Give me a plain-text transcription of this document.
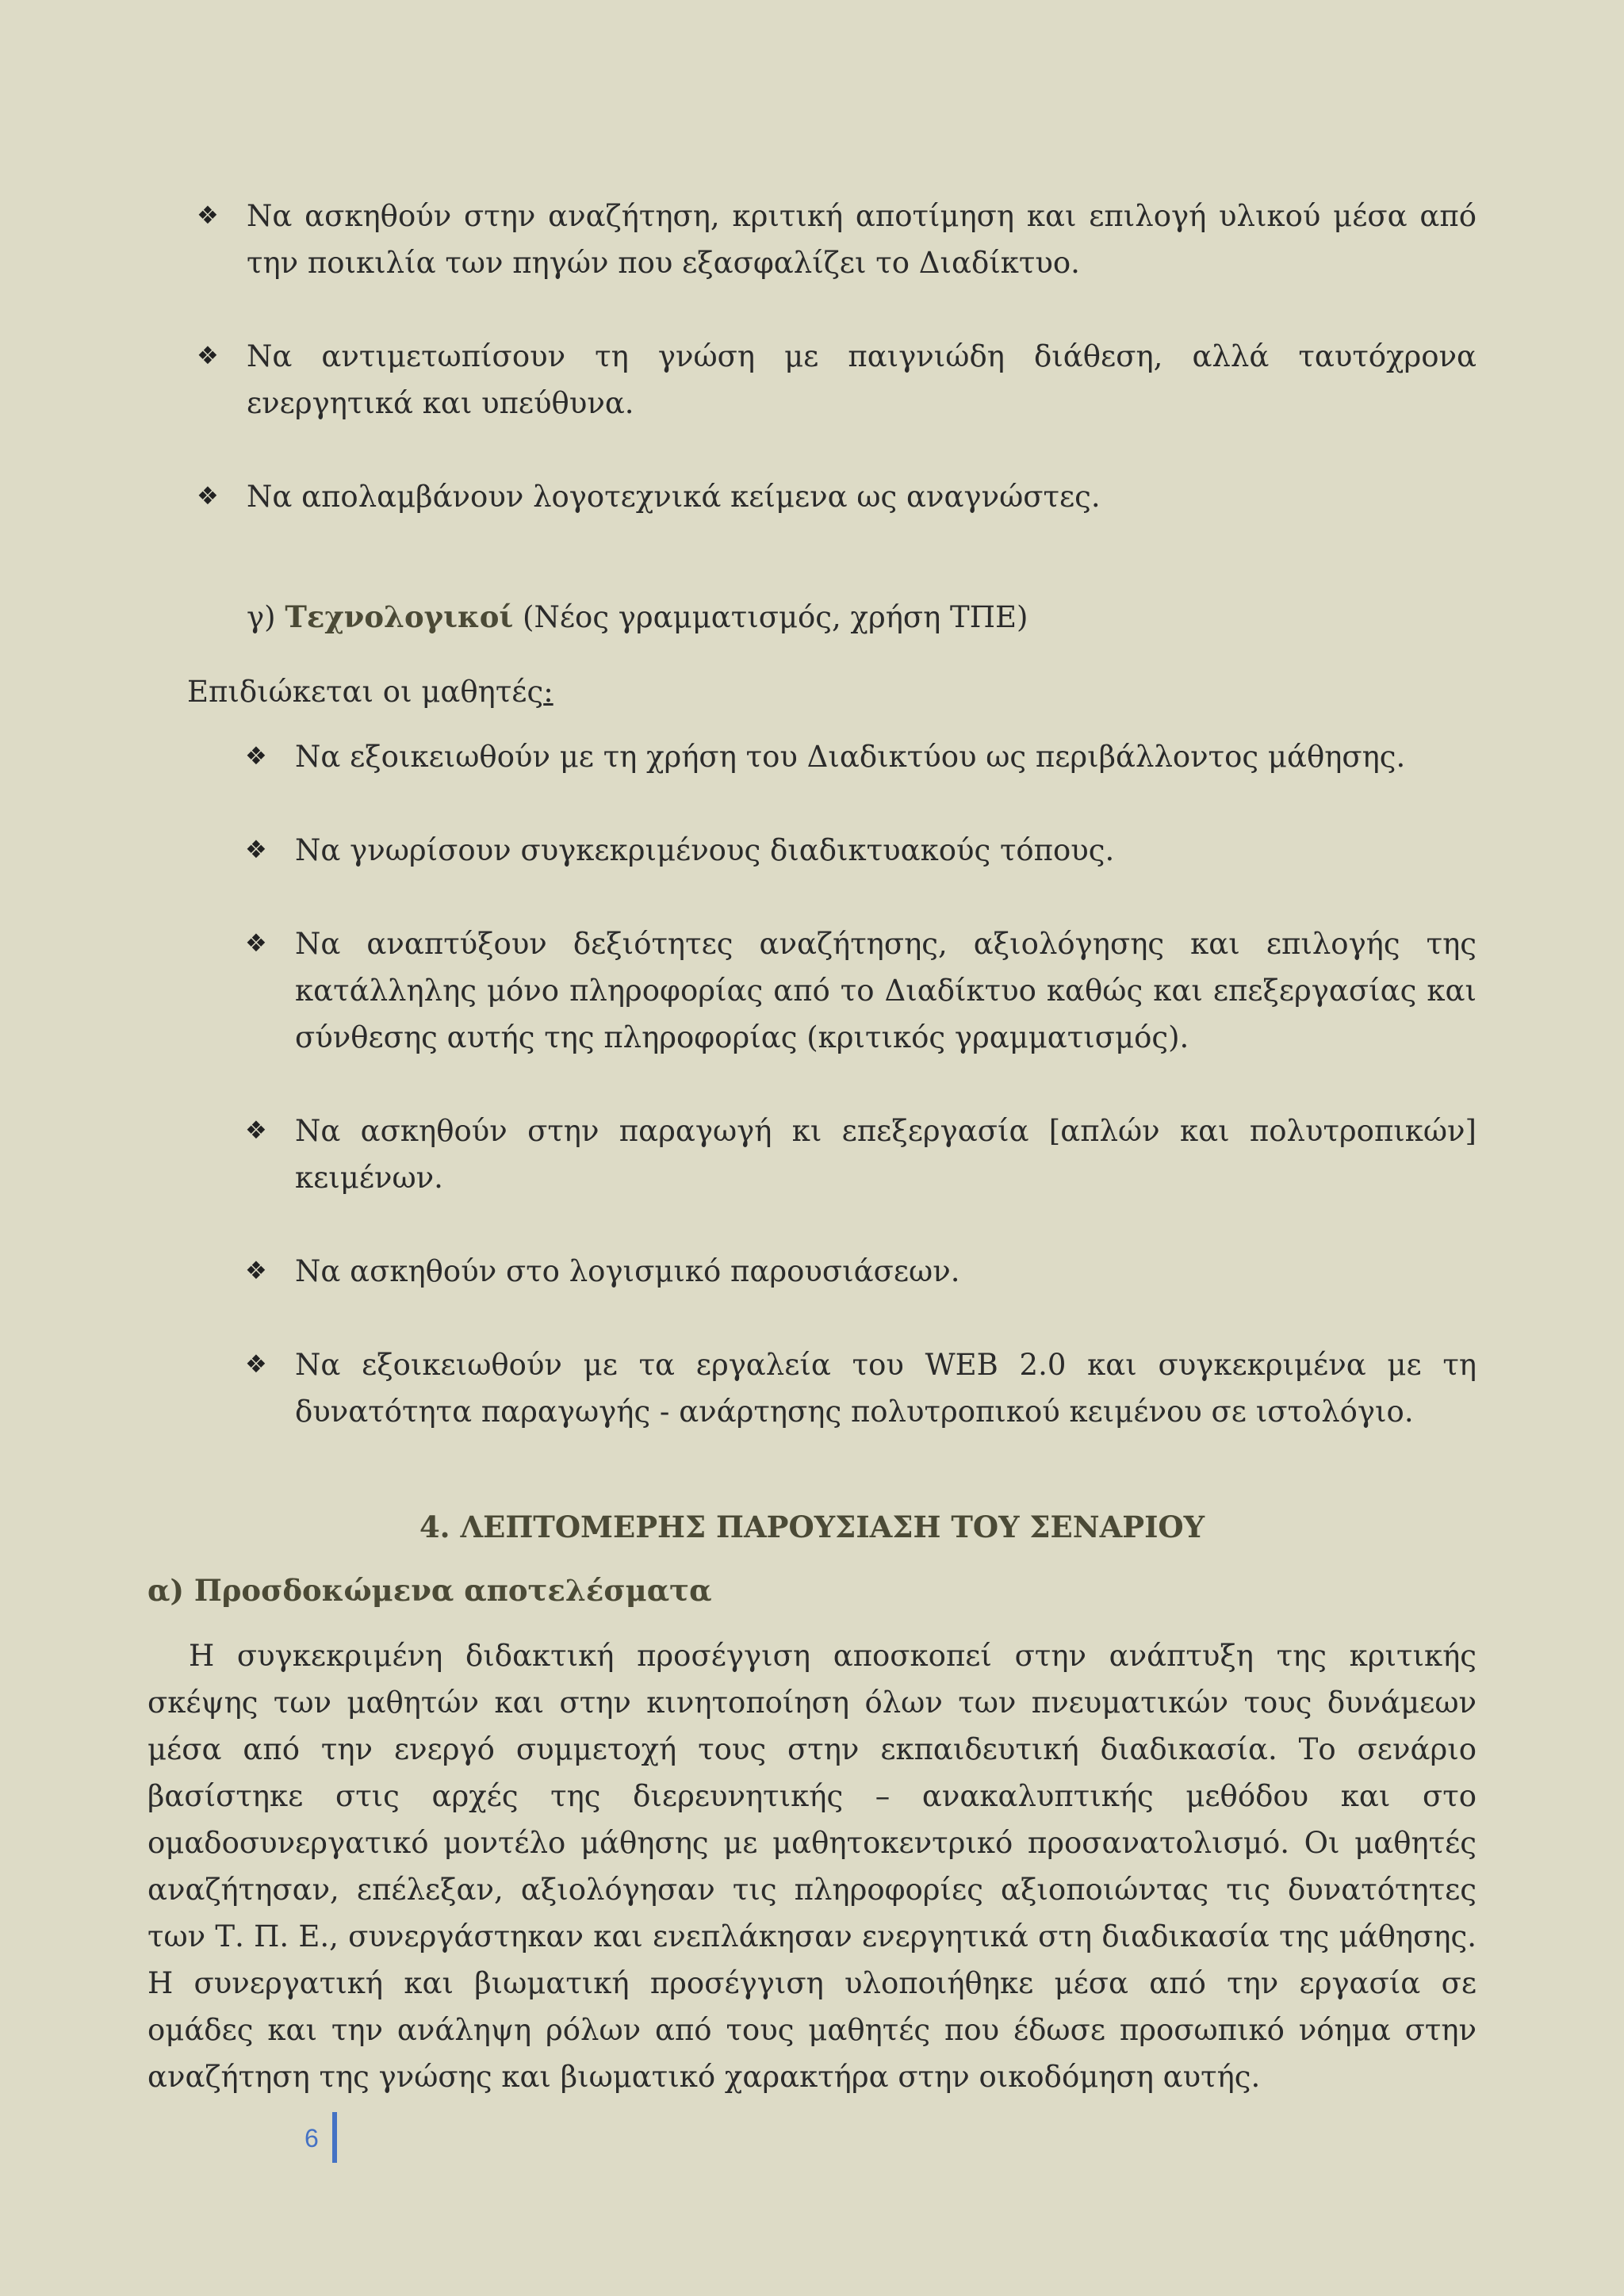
❖ Να ασκηθούν στην αναζήτηση, κριτική αποτίμηση και επιλογή υλικού μέσα από την ποικιλία των πηγών που εξασφαλίζει το Διαδίκτυο.
❖ Να αντιμετωπίσουν τη γνώση με παιγνιώδη διάθεση, αλλά ταυτόχρονα ενεργητικά και υπεύθυνα.
❖ Να απολαμβάνουν λογοτεχνικά κείμενα ως αναγνώστες.
γ) Τεχνολογικοί (Νέος γραμματισμός, χρήση ΤΠΕ)
Επιδιώκεται οι μαθητές:
❖ Να εξοικειωθούν με τη χρήση του Διαδικτύου ως περιβάλλοντος μάθησης.
❖ Να γνωρίσουν συγκεκριμένους διαδικτυακούς τόπους.
❖ Να αναπτύξουν δεξιότητες αναζήτησης, αξιολόγησης και επιλογής της κατάλληλης μόνο πληροφορίας από το Διαδίκτυο καθώς και επεξεργασίας και σύνθεσης αυτής της πληροφορίας (κριτικός γραμματισμός).
❖ Να ασκηθούν στην παραγωγή κι επεξεργασία [απλών και πολυτροπικών] κειμένων.
❖ Να ασκηθούν στο λογισμικό παρουσιάσεων.
❖ Να εξοικειωθούν με τα εργαλεία του WEB 2.0 και συγκεκριμένα με τη δυνατότητα παραγωγής - ανάρτησης πολυτροπικού κειμένου σε ιστολόγιο.
4. ΛΕΠΤΟΜΕΡΗΣ ΠΑΡΟΥΣΙΑΣΗ ΤΟΥ ΣΕΝΑΡΙΟΥ
α) Προσδοκώμενα αποτελέσματα

Η συγκεκριμένη διδακτική προσέγγιση αποσκοπεί στην ανάπτυξη της κριτικής σκέψης των μαθητών και στην κινητοποίηση όλων των πνευματικών τους δυνάμεων μέσα από την ενεργό συμμετοχή τους στην εκπαιδευτική διαδικασία. Το σενάριο βασίστηκε στις αρχές της διερευνητικής – ανακαλυπτικής μεθόδου και στο ομαδοσυνεργατικό μοντέλο μάθησης με μαθητοκεντρικό προσανατολισμό. Οι μαθητές αναζήτησαν, επέλεξαν, αξιολόγησαν τις πληροφορίες αξιοποιώντας τις δυνατότητες των Τ. Π. Ε., συνεργάστηκαν και ενεπλάκησαν ενεργητικά στη διαδικασία της μάθησης. Η συνεργατική και βιωματική προσέγγιση υλοποιήθηκε μέσα από την εργασία σε ομάδες και την ανάληψη ρόλων από τους μαθητές που έδωσε προσωπικό νόημα στην αναζήτηση της γνώσης και βιωματικό χαρακτήρα στην οικοδόμηση αυτής.

6
